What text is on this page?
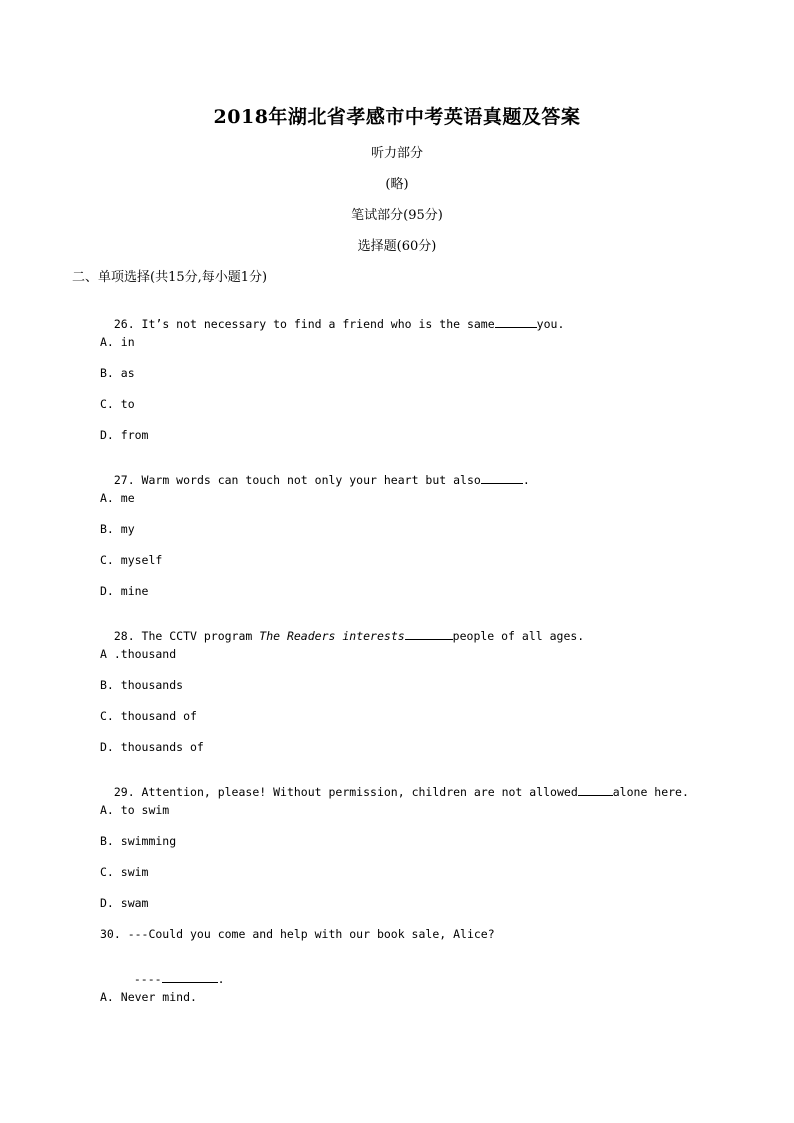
2018年湖北省孝感市中考英语真题及答案
听力部分
(略)
笔试部分(95分)
选择题(60分)
二、单项选择(共15分,每小题1分)

26. It’s not necessary to find a friend who is the same	you.

A. in
B. as
C. to
D. from

27. Warm words can touch not only your heart but also	.

A. me
B. my
C. myself
D. mine

28. The CCTV program The Readers interests	people of all ages.

A .thousand
B. thousands
C. thousand of
D. thousands of

29. Attention, please! Without permission, children are not allowed	alone here.

A. to swim
B. swimming
C. swim
D. swam
30. ---Could you come and help with our book sale, Alice?

----	.

A. Never mind.
